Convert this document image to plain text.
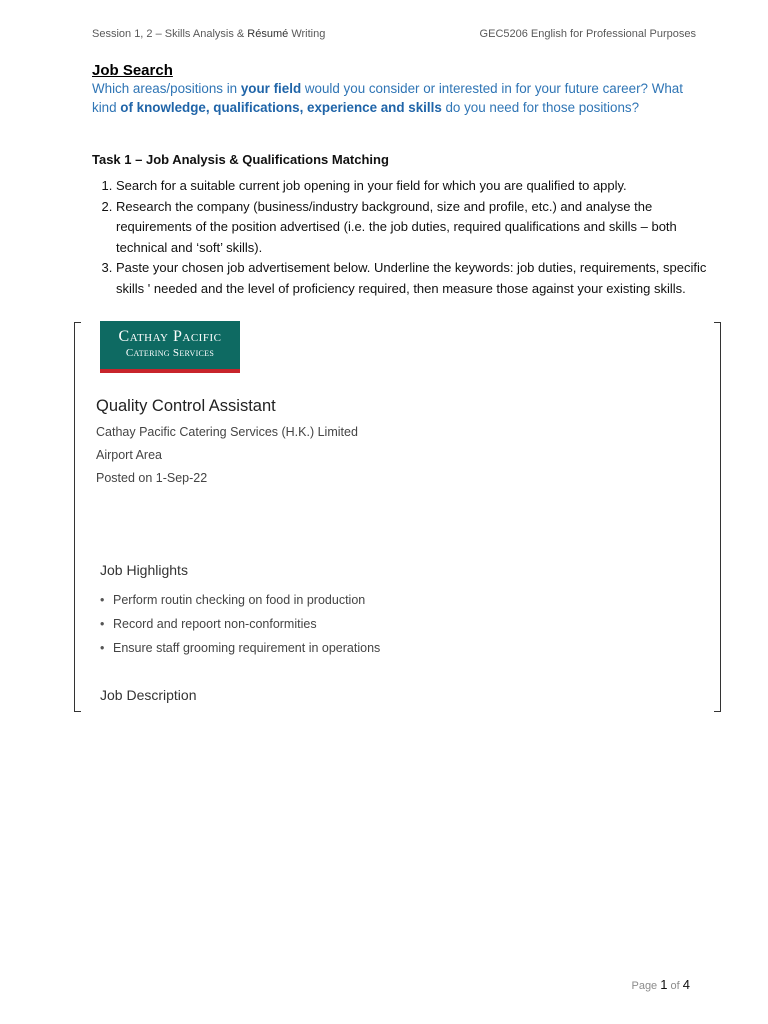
Session 1, 2 – Skills Analysis & Résumé Writing	GEC5206 English for Professional Purposes
Job Search
Which areas/positions in your field would you consider or interested in for your future career? What kind of knowledge, qualifications, experience and skills do you need for those positions?
Task 1 – Job Analysis & Qualifications Matching
1. Search for a suitable current job opening in your field for which you are qualified to apply.
2. Research the company (business/industry background, size and profile, etc.) and analyse the requirements of the position advertised (i.e. the job duties, required qualifications and skills – both technical and ‘soft’ skills).
3. Paste your chosen job advertisement below. Underline the keywords: job duties, requirements, specific skills ' needed and the level of proficiency required, then measure those against your existing skills.
Cathay Pacific
Catering Services
Quality Control Assistant
Cathay Pacific Catering Services (H.K.) Limited
Airport Area
Posted on 1-Sep-22
Job Highlights
• Perform routin checking on food in production
• Record and repoort non-conformities
• Ensure staff grooming requirement in operations
Job Description
Page 1 of 4
